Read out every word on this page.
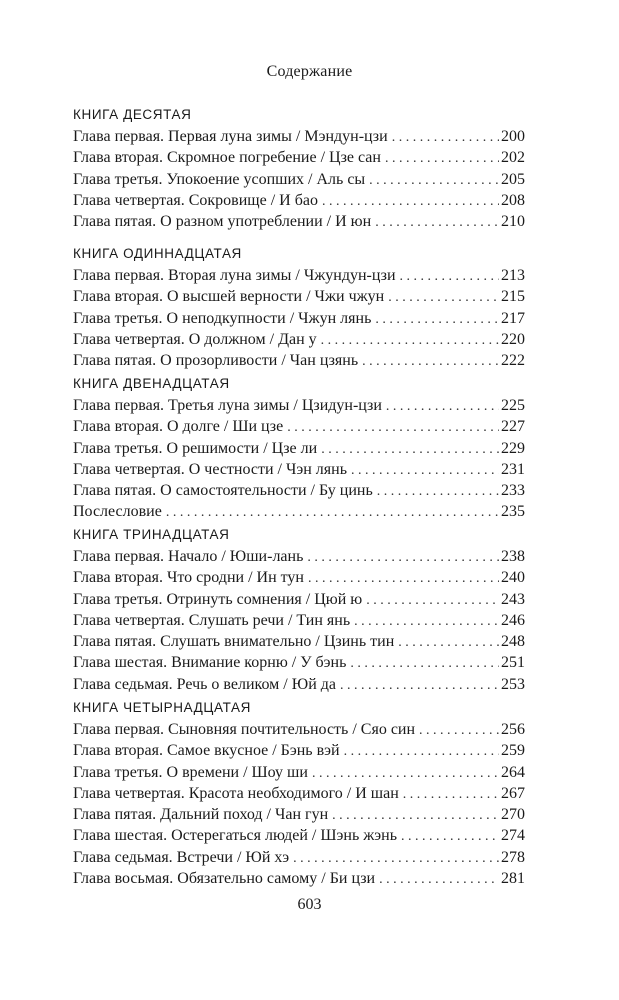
Содержание
КНИГА ДЕСЯТАЯ
Глава первая. Первая луна зимы / Мэндун-цзи . . .	200
Глава вторая. Скромное погребение / Цзе сан . . .	202
Глава третья. Упокоение усопших / Аль сы . . .	205
Глава четвертая. Сокровище / И бао . . .	208
Глава пятая. О разном употреблении / И юн . . .	210
КНИГА ОДИННАДЦАТАЯ
Глава первая. Вторая луна зимы / Чжундун-цзи . . .	213
Глава вторая. О высшей верности / Чжи чжун . . .	215
Глава третья. О неподкупности / Чжун лянь . . .	217
Глава четвертая. О должном / Дан у . . .	220
Глава пятая. О прозорливости / Чан цзянь . . .	222
КНИГА ДВЕНАДЦАТАЯ
Глава первая. Третья луна зимы / Цзидун-цзи . . .	225
Глава вторая. О долге / Ши цзе . . .	227
Глава третья. О решимости / Цзе ли . . .	229
Глава четвертая. О честности / Чэн лянь . . .	231
Глава пятая. О самостоятельности / Бу цинь . . .	233
Послесловие . . .	235
КНИГА ТРИНАДЦАТАЯ
Глава первая. Начало / Юши-лань . . .	238
Глава вторая. Что сродни / Ин тун . . .	240
Глава третья. Отринуть сомнения / Цюй ю . . .	243
Глава четвертая. Слушать речи / Тин янь . . .	246
Глава пятая. Слушать внимательно / Цзинь тин . . .	248
Глава шестая. Внимание корню / У бэнь . . .	251
Глава седьмая. Речь о великом / Юй да . . .	253
КНИГА ЧЕТЫРНАДЦАТАЯ
Глава первая. Сыновняя почтительность / Сяо син . . .	256
Глава вторая. Самое вкусное / Бэнь вэй . . .	259
Глава третья. О времени / Шоу ши . . .	264
Глава четвертая. Красота необходимого / И шан . . .	267
Глава пятая. Дальний поход / Чан гун . . .	270
Глава шестая. Остерегаться людей / Шэнь жэнь . . .	274
Глава седьмая. Встречи / Юй хэ . . .	278
Глава восьмая. Обязательно самому / Би цзи . . .	281
603
